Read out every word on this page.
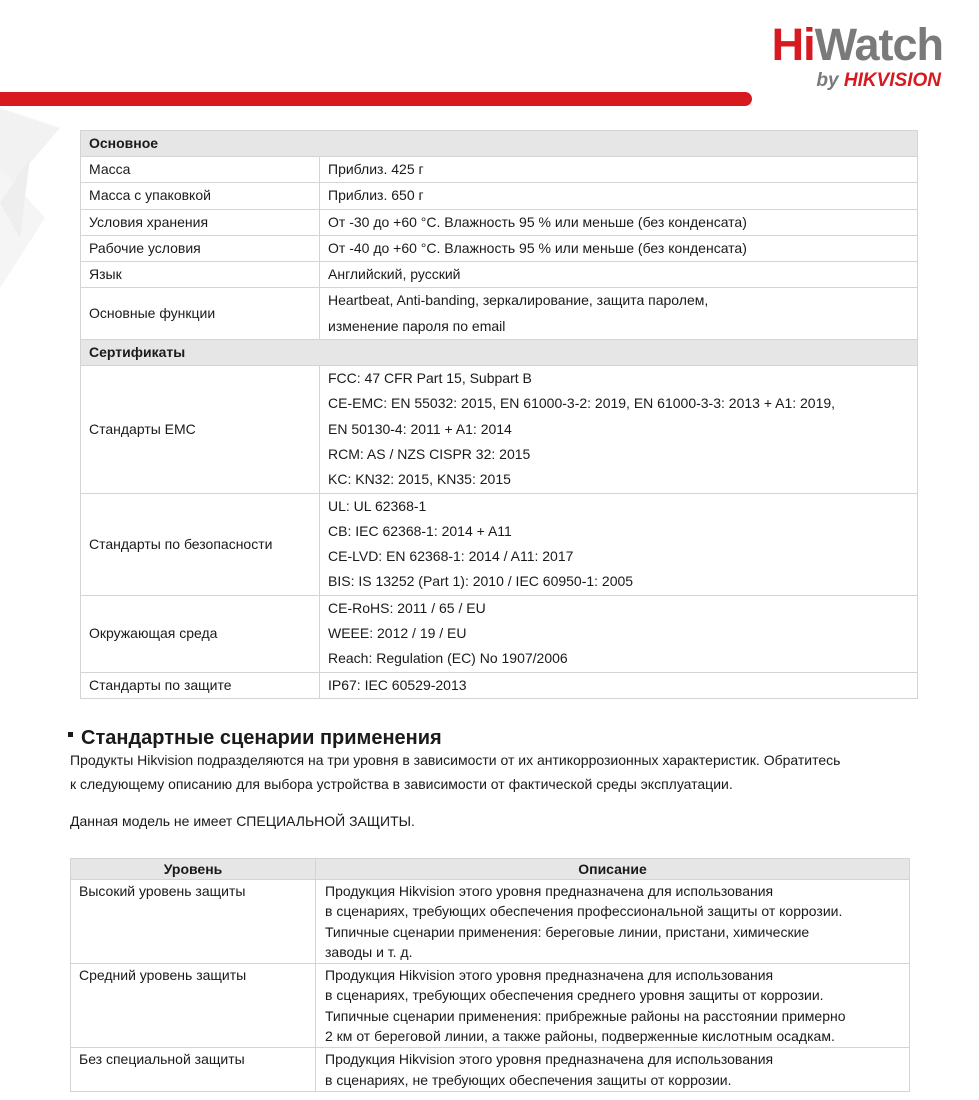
HiWatch
by HIKVISION
Основное	
Масса	Приблиз. 425 г

Масса с упаковкой	Приблиз. 650 г

Условия хранения	От -30 до +60 °C. Влажность 95 % или меньше (без конденсата)

Рабочие условия	От -40 до +60 °C. Влажность 95 % или меньше (без конденсата)

Язык	Английский, русский

Основные функции	Heartbeat, Anti-banding, зеркалирование, защита паролем,
изменение пароля по email

Сертификаты	
Стандарты EMC	FCC: 47 CFR Part 15, Subpart B
CE-EMC: EN 55032: 2015, EN 61000-3-2: 2019, EN 61000-3-3: 2013 + A1: 2019,
EN 50130-4: 2011 + A1: 2014
RCM: AS / NZS CISPR 32: 2015
KC: KN32: 2015, KN35: 2015

Стандарты по безопасности	UL: UL 62368-1
CB: IEC 62368-1: 2014 + A11
CE-LVD: EN 62368-1: 2014 / A11: 2017
BIS: IS 13252 (Part 1): 2010 / IEC 60950-1: 2005

Окружающая среда	CE-RoHS: 2011 / 65 / EU
WEEE: 2012 / 19 / EU
Reach: Regulation (EC) No 1907/2006

Стандарты по защите	IP67: IEC 60529-2013
Стандартные сценарии применения

Продукты Hikvision подразделяются на три уровня в зависимости от их антикоррозионных характеристик. Обратитесь
к следующему описанию для выбора устройства в зависимости от фактической среды эксплуатации.

Данная модель не имеет СПЕЦИАЛЬНОЙ ЗАЩИТЫ.

Уровень	Описание
Высокий уровень защиты	Продукция Hikvision этого уровня предназначена для использования
в сценариях, требующих обеспечения профессиональной защиты от коррозии.
Типичные сценарии применения: береговые линии, пристани, химические
заводы и т. д.

Средний уровень защиты	Продукция Hikvision этого уровня предназначена для использования
в сценариях, требующих обеспечения среднего уровня защиты от коррозии.
Типичные сценарии применения: прибрежные районы на расстоянии примерно
2 км от береговой линии, а также районы, подверженные кислотным осадкам.

Без специальной защиты	Продукция Hikvision этого уровня предназначена для использования
в сценариях, не требующих обеспечения защиты от коррозии.
